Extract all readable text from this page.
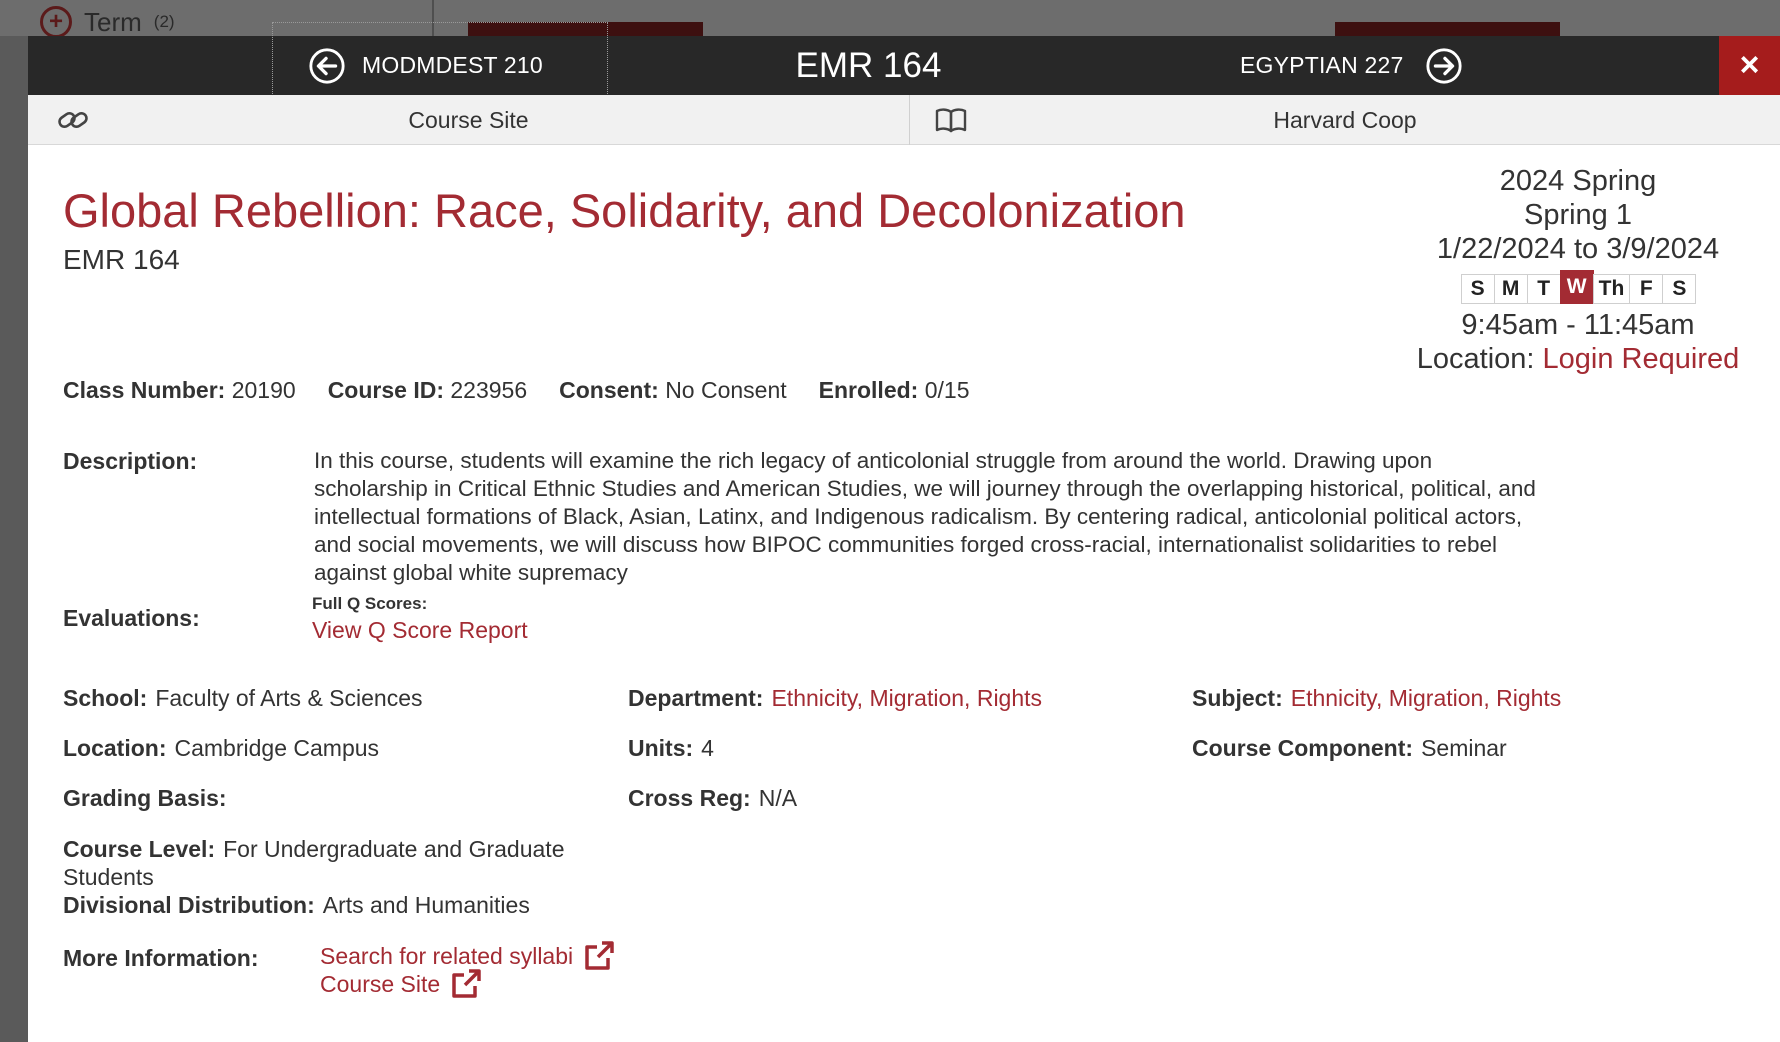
+ Term (2)
MODMDEST 210	EMR 164	EGYPTIAN 227	×
Course Site	Harvard Coop
Global Rebellion: Race, Solidarity, and Decolonization
EMR 164
2024 Spring
Spring 1
1/22/2024 to 3/9/2024
S M T W Th F S
9:45am - 11:45am
Location: Login Required
Class Number: 20190 Course ID: 223956 Consent: No Consent Enrolled: 0/15
Description:	In this course, students will examine the rich legacy of anticolonial struggle from around the world. Drawing upon scholarship in Critical Ethnic Studies and American Studies, we will journey through the overlapping historical, political, and intellectual formations of Black, Asian, Latinx, and Indigenous radicalism. By centering radical, anticolonial political actors, and social movements, we will discuss how BIPOC communities forged cross-racial, internationalist solidarities to rebel against global white supremacy
Evaluations:
Full Q Scores:
View Q Score Report
School: Faculty of Arts & Sciences	Department: Ethnicity, Migration, Rights	Subject: Ethnicity, Migration, Rights
Location: Cambridge Campus	Units: 4	Course Component: Seminar
Grading Basis:	Cross Reg: N/A
Course Level: For Undergraduate and Graduate
Students
Divisional Distribution: Arts and Humanities
More Information:	Search for related syllabi
Course Site
